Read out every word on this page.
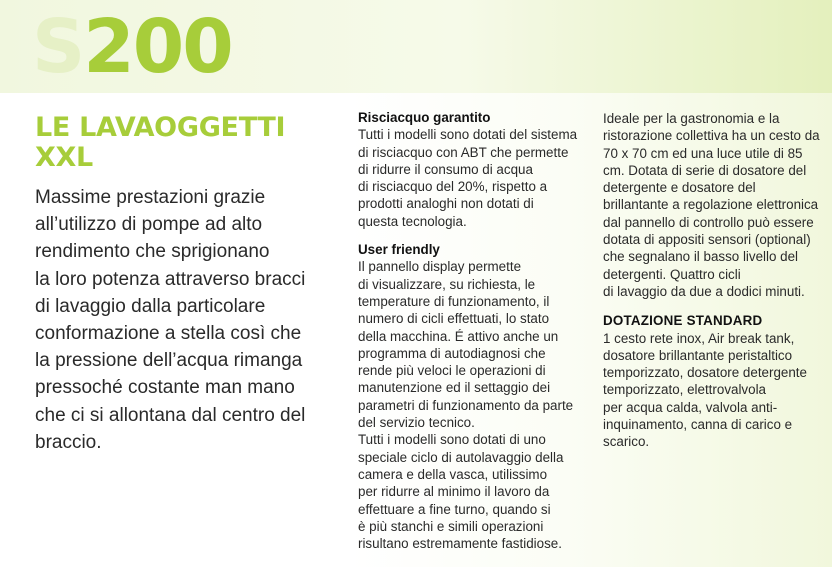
S200
LE LAVAOGGETTI
XXL

Massime prestazioni grazie
all’utilizzo di pompe ad alto
rendimento che sprigionano
la loro potenza attraverso bracci
di lavaggio dalla particolare
conformazione a stella così che
la pressione dell’acqua rimanga
pressoché costante man mano
che ci si allontana dal centro del
braccio.

Risciacquo garantito
Tutti i modelli sono dotati del sistema
di risciacquo con ABT che permette
di ridurre il consumo di acqua
di risciacquo del 20%, rispetto a
prodotti analoghi non dotati di
questa tecnologia.
User friendly
Il pannello display permette
di visualizzare, su richiesta, le
temperature di funzionamento, il
numero di cicli effettuati, lo stato
della macchina. É attivo anche un
programma di autodiagnosi che
rende più veloci le operazioni di
manutenzione ed il settaggio dei
parametri di funzionamento da parte
del servizio tecnico.
Tutti i modelli sono dotati di uno
speciale ciclo di autolavaggio della
camera e della vasca, utilissimo
per ridurre al minimo il lavoro da
effettuare a fine turno, quando si
è più stanchi e simili operazioni
risultano estremamente fastidiose.
Ideale per la gastronomia e la
ristorazione collettiva ha un cesto da
70 x 70 cm ed una luce utile di 85
cm. Dotata di serie di dosatore del
detergente e dosatore del
brillantante a regolazione elettronica
dal pannello di controllo può essere
dotata di appositi sensori (optional)
che segnalano il basso livello del
detergenti. Quattro cicli
di lavaggio da due a dodici minuti.
DOTAZIONE STANDARD
1 cesto rete inox, Air break tank,
dosatore brillantante peristaltico
temporizzato, dosatore detergente
temporizzato, elettrovalvola
per acqua calda, valvola anti-
inquinamento, canna di carico e
scarico.
